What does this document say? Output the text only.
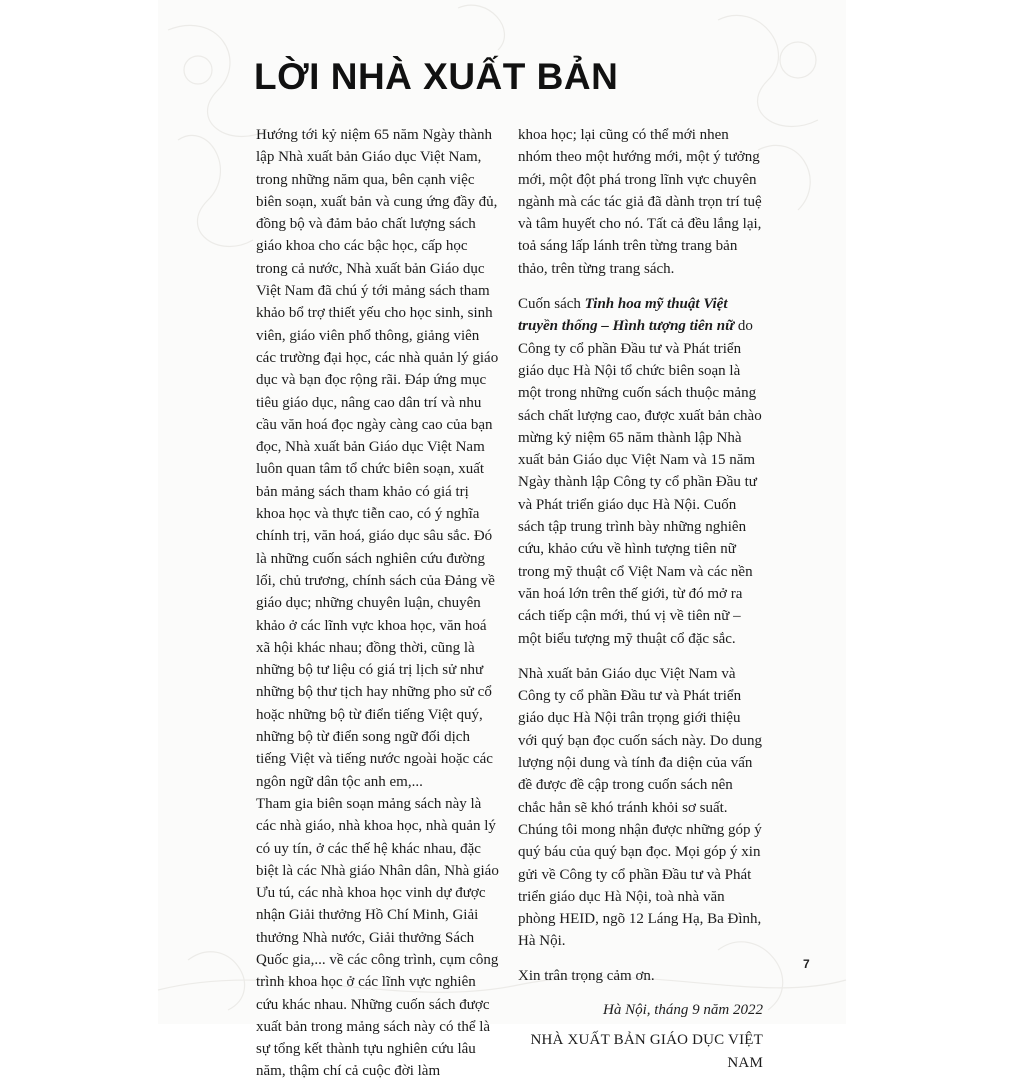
LỜI NHÀ XUẤT BẢN

Hướng tới kỷ niệm 65 năm Ngày thành lập Nhà xuất bản Giáo dục Việt Nam, trong những năm qua, bên cạnh việc biên soạn, xuất bản và cung ứng đầy đủ, đồng bộ và đảm bảo chất lượng sách giáo khoa cho các bậc học, cấp học trong cả nước, Nhà xuất bản Giáo dục Việt Nam đã chú ý tới mảng sách tham khảo bổ trợ thiết yếu cho học sinh, sinh viên, giáo viên phổ thông, giảng viên các trường đại học, các nhà quản lý giáo dục và bạn đọc rộng rãi. Đáp ứng mục tiêu giáo dục, nâng cao dân trí và nhu cầu văn hoá đọc ngày càng cao của bạn đọc, Nhà xuất bản Giáo dục Việt Nam luôn quan tâm tổ chức biên soạn, xuất bản mảng sách tham khảo có giá trị khoa học và thực tiễn cao, có ý nghĩa chính trị, văn hoá, giáo dục sâu sắc. Đó là những cuốn sách nghiên cứu đường lối, chủ trương, chính sách của Đảng về giáo dục; những chuyên luận, chuyên khảo ở các lĩnh vực khoa học, văn hoá xã hội khác nhau; đồng thời, cũng là những bộ tư liệu có giá trị lịch sử như những bộ thư tịch hay những pho sử cổ hoặc những bộ từ điển tiếng Việt quý, những bộ từ điển song ngữ đối dịch tiếng Việt và tiếng nước ngoài hoặc các ngôn ngữ dân tộc anh em,...

Tham gia biên soạn mảng sách này là các nhà giáo, nhà khoa học, nhà quản lý có uy tín, ở các thế hệ khác nhau, đặc biệt là các Nhà giáo Nhân dân, Nhà giáo Ưu tú, các nhà khoa học vinh dự được nhận Giải thưởng Hồ Chí Minh, Giải thưởng Nhà nước, Giải thưởng Sách Quốc gia,... về các công trình, cụm công trình khoa học ở các lĩnh vực nghiên cứu khác nhau. Những cuốn sách được xuất bản trong mảng sách này có thể là sự tổng kết thành tựu nghiên cứu lâu năm, thậm chí cả cuộc đời làm

khoa học; lại cũng có thể mới nhen nhóm theo một hướng mới, một ý tưởng mới, một đột phá trong lĩnh vực chuyên ngành mà các tác giả đã dành trọn trí tuệ và tâm huyết cho nó. Tất cả đều lắng lại, toả sáng lấp lánh trên từng trang bản thảo, trên từng trang sách.

Cuốn sách Tinh hoa mỹ thuật Việt truyền thống – Hình tượng tiên nữ do Công ty cổ phần Đầu tư và Phát triển giáo dục Hà Nội tổ chức biên soạn là một trong những cuốn sách thuộc mảng sách chất lượng cao, được xuất bản chào mừng kỷ niệm 65 năm thành lập Nhà xuất bản Giáo dục Việt Nam và 15 năm Ngày thành lập Công ty cổ phần Đầu tư và Phát triển giáo dục Hà Nội. Cuốn sách tập trung trình bày những nghiên cứu, khảo cứu về hình tượng tiên nữ trong mỹ thuật cổ Việt Nam và các nền văn hoá lớn trên thế giới, từ đó mở ra cách tiếp cận mới, thú vị về tiên nữ – một biểu tượng mỹ thuật cổ đặc sắc.

Nhà xuất bản Giáo dục Việt Nam và Công ty cổ phần Đầu tư và Phát triển giáo dục Hà Nội trân trọng giới thiệu với quý bạn đọc cuốn sách này. Do dung lượng nội dung và tính đa diện của vấn đề được đề cập trong cuốn sách nên chắc hẳn sẽ khó tránh khỏi sơ suất. Chúng tôi mong nhận được những góp ý quý báu của quý bạn đọc. Mọi góp ý xin gửi về Công ty cổ phần Đầu tư và Phát triển giáo dục Hà Nội, toà nhà văn phòng HEID, ngõ 12 Láng Hạ, Ba Đình, Hà Nội.

Xin trân trọng cảm ơn.

Hà Nội, tháng 9 năm 2022

NHÀ XUẤT BẢN GIÁO DỤC VIỆT NAM

7
